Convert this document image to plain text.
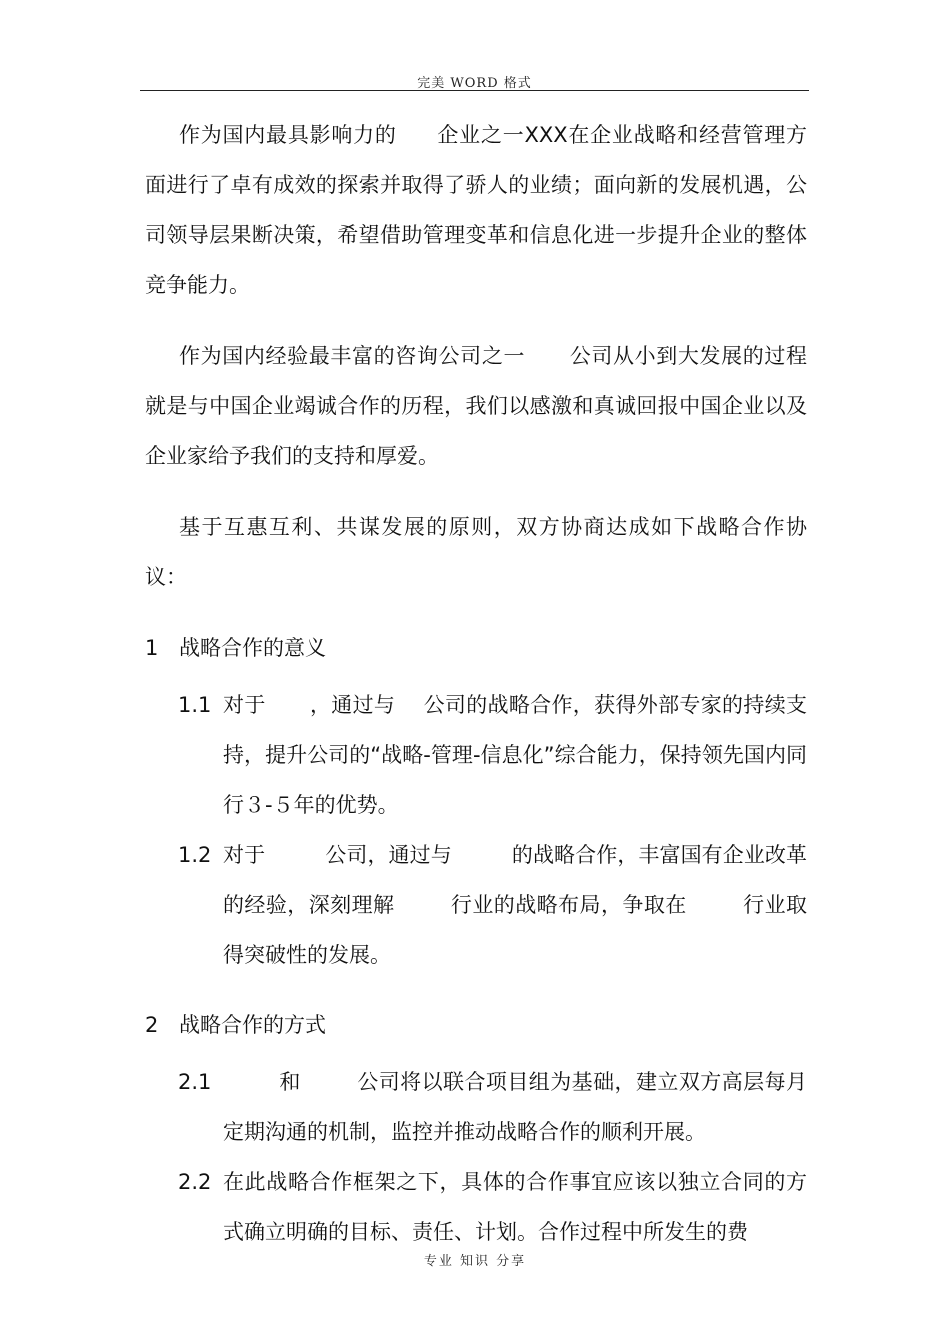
完美 WORD 格式

作为国内最具影响力的 企业之一XXX在企业战略和经营管理方面进行了卓有成效的探索并取得了骄人的业绩；面向新的发展机遇，公司领导层果断决策，希望借助管理变革和信息化进一步提升企业的整体竞争能力。

作为国内经验最丰富的咨询公司之一 公司从小到大发展的过程就是与中国企业竭诚合作的历程，我们以感激和真诚回报中国企业以及企业家给予我们的支持和厚爱。

基于互惠互利、共谋发展的原则，双方协商达成如下战略合作协议：

1 战略合作的意义
1.1 对于 ，通过与 公司的战略合作，获得外部专家的持续支持，提升公司的“战略-管理-信息化”综合能力，保持领先国内同行３-５年的优势。
1.2 对于	公司，通过与	的战略合作，丰富国有企业改革的经验，深刻理解	行业的战略布局，争取在	行业取得突破性的发展。
2 战略合作的方式
2.1	和	公司将以联合项目组为基础，建立双方高层每月定期沟通的机制，监控并推动战略合作的顺利开展。
2.2 在此战略合作框架之下，具体的合作事宜应该以独立合同的方式确立明确的目标、责任、计划。合作过程中所发生的费
专业 知识 分享
